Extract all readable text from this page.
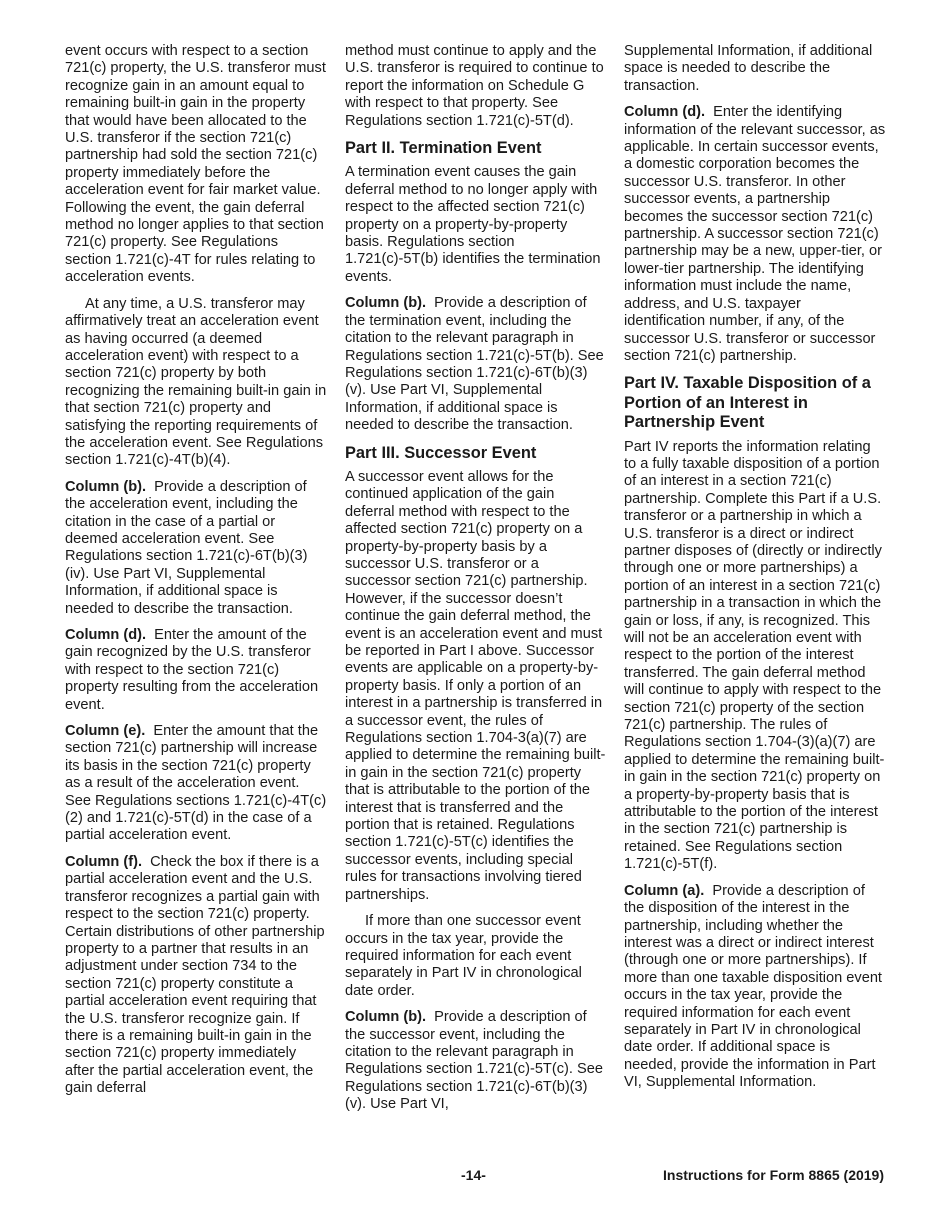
event occurs with respect to a section 721(c) property, the U.S. transferor must recognize gain in an amount equal to remaining built-in gain in the property that would have been allocated to the U.S. transferor if the section 721(c) partnership had sold the section 721(c) property immediately before the acceleration event for fair market value. Following the event, the gain deferral method no longer applies to that section 721(c) property. See Regulations section 1.721(c)-4T for rules relating to acceleration events.

At any time, a U.S. transferor may affirmatively treat an acceleration event as having occurred (a deemed acceleration event) with respect to a section 721(c) property by both recognizing the remaining built-in gain in that section 721(c) property and satisfying the reporting requirements of the acceleration event. See Regulations section 1.721(c)-4T(b)(4).

Column (b). Provide a description of the acceleration event, including the citation in the case of a partial or deemed acceleration event. See Regulations section 1.721(c)-6T(b)(3)(iv). Use Part VI, Supplemental Information, if additional space is needed to describe the transaction.

Column (d). Enter the amount of the gain recognized by the U.S. transferor with respect to the section 721(c) property resulting from the acceleration event.

Column (e). Enter the amount that the section 721(c) partnership will increase its basis in the section 721(c) property as a result of the acceleration event. See Regulations sections 1.721(c)-4T(c)(2) and 1.721(c)-5T(d) in the case of a partial acceleration event.

Column (f). Check the box if there is a partial acceleration event and the U.S. transferor recognizes a partial gain with respect to the section 721(c) property. Certain distributions of other partnership property to a partner that results in an adjustment under section 734 to the section 721(c) property constitute a partial acceleration event requiring that the U.S. transferor recognize gain. If there is a remaining built-in gain in the section 721(c) property immediately after the partial acceleration event, the gain deferral

method must continue to apply and the U.S. transferor is required to continue to report the information on Schedule G with respect to that property. See Regulations section 1.721(c)-5T(d).

Part II. Termination Event

A termination event causes the gain deferral method to no longer apply with respect to the affected section 721(c) property on a property-by-property basis. Regulations section 1.721(c)-5T(b) identifies the termination events.

Column (b). Provide a description of the termination event, including the citation to the relevant paragraph in Regulations section 1.721(c)-5T(b). See Regulations section 1.721(c)-6T(b)(3)(v). Use Part VI, Supplemental Information, if additional space is needed to describe the transaction.

Part III. Successor Event

A successor event allows for the continued application of the gain deferral method with respect to the affected section 721(c) property on a property-by-property basis by a successor U.S. transferor or a successor section 721(c) partnership. However, if the successor doesn’t continue the gain deferral method, the event is an acceleration event and must be reported in Part I above. Successor events are applicable on a property-by-property basis. If only a portion of an interest in a partnership is transferred in a successor event, the rules of Regulations section 1.704-3(a)(7) are applied to determine the remaining built-in gain in the section 721(c) property that is attributable to the portion of the interest that is transferred and the portion that is retained. Regulations section 1.721(c)-5T(c) identifies the successor events, including special rules for transactions involving tiered partnerships.

If more than one successor event occurs in the tax year, provide the required information for each event separately in Part IV in chronological date order.

Column (b). Provide a description of the successor event, including the citation to the relevant paragraph in Regulations section 1.721(c)-5T(c). See Regulations section 1.721(c)-6T(b)(3)(v). Use Part VI,

Supplemental Information, if additional space is needed to describe the transaction.

Column (d). Enter the identifying information of the relevant successor, as applicable. In certain successor events, a domestic corporation becomes the successor U.S. transferor. In other successor events, a partnership becomes the successor section 721(c) partnership. A successor section 721(c) partnership may be a new, upper-tier, or lower-tier partnership. The identifying information must include the name, address, and U.S. taxpayer identification number, if any, of the successor U.S. transferor or successor section 721(c) partnership.

Part IV. Taxable Disposition of a Portion of an Interest in Partnership Event

Part IV reports the information relating to a fully taxable disposition of a portion of an interest in a section 721(c) partnership. Complete this Part if a U.S. transferor or a partnership in which a U.S. transferor is a direct or indirect partner disposes of (directly or indirectly through one or more partnerships) a portion of an interest in a section 721(c) partnership in a transaction in which the gain or loss, if any, is recognized. This will not be an acceleration event with respect to the portion of the interest transferred. The gain deferral method will continue to apply with respect to the section 721(c) property of the section 721(c) partnership. The rules of Regulations section 1.704-(3)(a)(7) are applied to determine the remaining built-in gain in the section 721(c) property on a property-by-property basis that is attributable to the portion of the interest in the section 721(c) partnership is retained. See Regulations section 1.721(c)-5T(f).

Column (a). Provide a description of the disposition of the interest in the partnership, including whether the interest was a direct or indirect interest (through one or more partnerships). If more than one taxable disposition event occurs in the tax year, provide the required information for each event separately in Part IV in chronological date order. If additional space is needed, provide the information in Part VI, Supplemental Information.

-14-	Instructions for Form 8865 (2019)
